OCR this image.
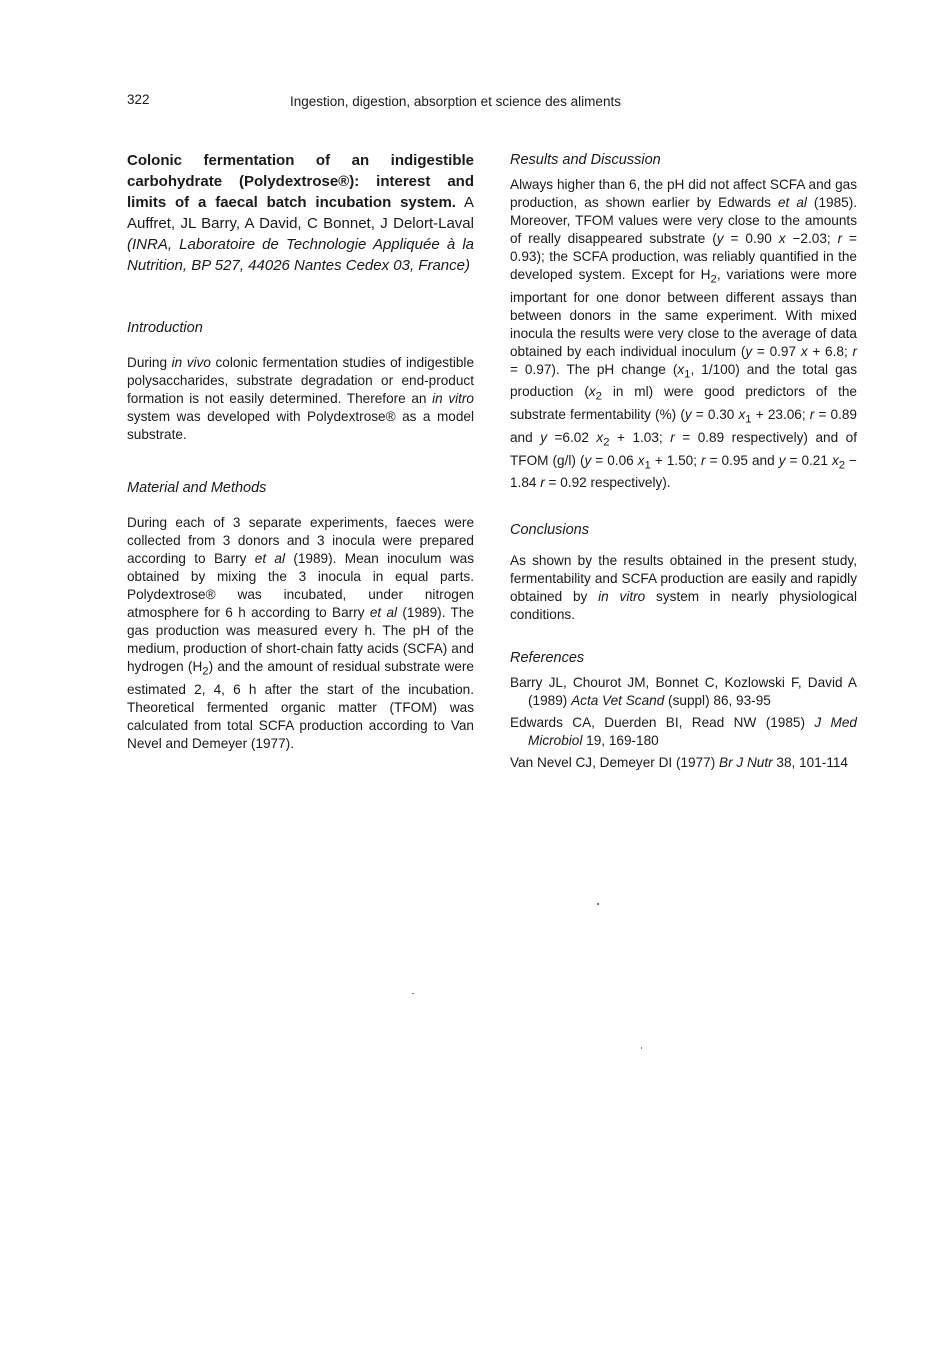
322	Ingestion, digestion, absorption et science des aliments

Colonic fermentation of an indigestible carbohydrate (Polydextrose®): interest and limits of a faecal batch incubation system. A Auffret, JL Barry, A David, C Bonnet, J Delort-Laval (INRA, Laboratoire de Technologie Appliquée à la Nutrition, BP 527, 44026 Nantes Cedex 03, France)

Introduction

During in vivo colonic fermentation studies of indigestible polysaccharides, substrate degradation or end-product formation is not easily determined. Therefore an in vitro system was developed with Polydextrose® as a model substrate.

Material and Methods

During each of 3 separate experiments, faeces were collected from 3 donors and 3 inocula were prepared according to Barry et al (1989). Mean inoculum was obtained by mixing the 3 inocula in equal parts. Polydextrose® was incubated, under nitrogen atmosphere for 6 h according to Barry et al (1989). The gas production was measured every h. The pH of the medium, production of short-chain fatty acids (SCFA) and hydrogen $(H_2)$ and the amount of residual substrate were estimated 2, 4, 6 h after the start of the incubation. Theoretical fermented organic matter (TFOM) was calculated from total SCFA production according to Van Nevel and Demeyer (1977).

Results and Discussion

Always higher than 6, the pH did not affect SCFA and gas production, as shown earlier by Edwards et al (1985). Moreover, TFOM values were very close to the amounts of really disappeared substrate (y = 0.90 x −2.03; r = 0.93); the SCFA production, was reliably quantified in the developed system. Except for $H_2$, variations were more important for one donor between different assays than between donors in the same experiment. With mixed inocula the results were very close to the average of data obtained by each individual inoculum (y = 0.97 x + 6.8; r = 0.97). The pH change ($x_1$, 1/100) and the total gas production ($x_2$ in ml) were good predictors of the substrate fermentability (%) (y = 0.30 $x_1 + 23.06$; r = 0.89 and y =6.02 $x_2 + 1.03$; r = 0.89 respectively) and of TFOM (g/l) (y = 0.06 $x_1 + 1.50$; r = 0.95 and y = 0.21 $x_2 - 1.84$ r = 0.92 respectively).

Conclusions

As shown by the results obtained in the present study, fermentability and SCFA production are easily and rapidly obtained by in vitro system in nearly physiological conditions.

References

Barry JL, Chourot JM, Bonnet C, Kozlowski F, David A (1989) Acta Vet Scand (suppl) 86, 93-95

Edwards CA, Duerden BI, Read NW (1985) J Med Microbiol 19, 169-180

Van Nevel CJ, Demeyer DI (1977) Br J Nutr 38, 101-114
